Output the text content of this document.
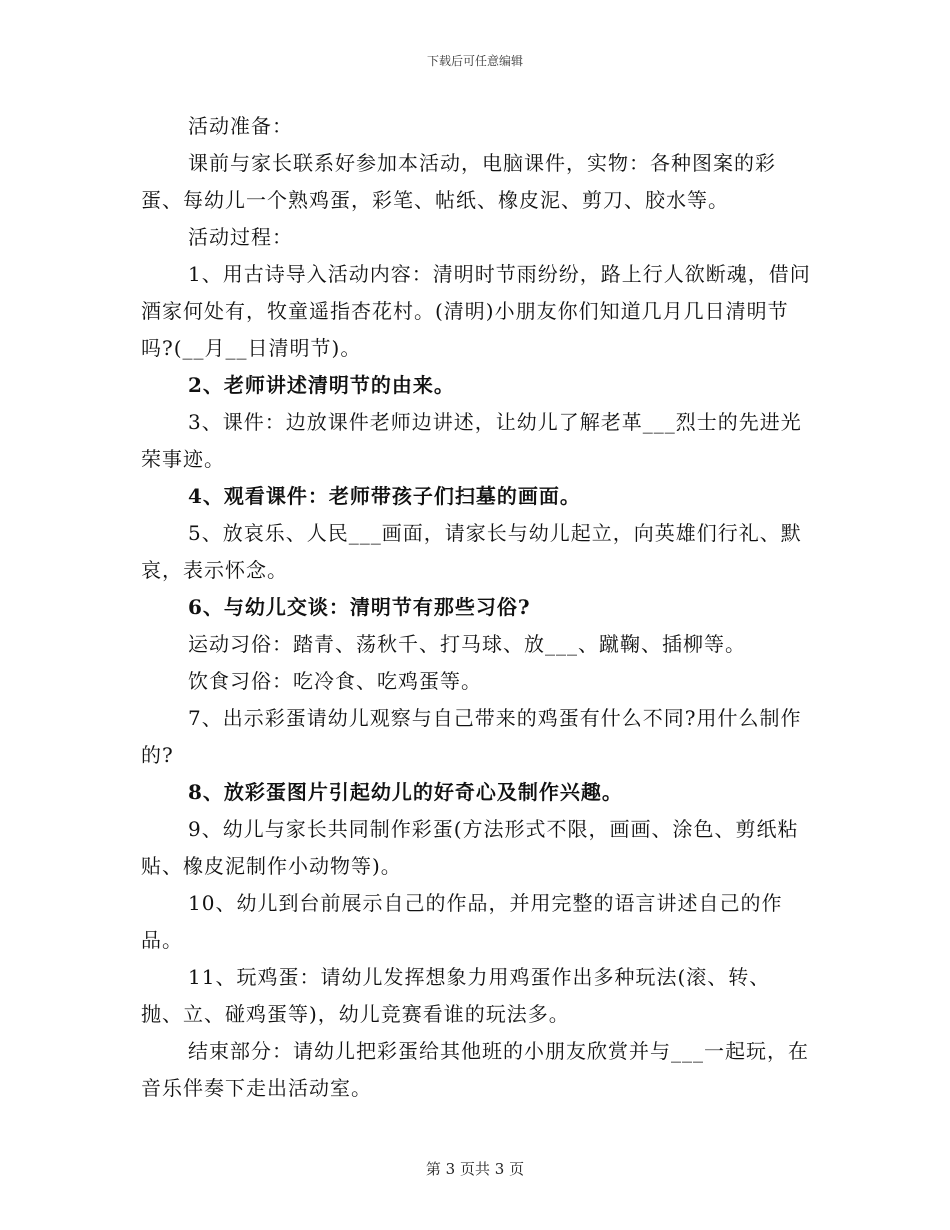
下载后可任意编辑

活动准备：

课前与家长联系好参加本活动，电脑课件，实物：各种图案的彩蛋、每幼儿一个熟鸡蛋，彩笔、帖纸、橡皮泥、剪刀、胶水等。

活动过程：

1、用古诗导入活动内容：清明时节雨纷纷，路上行人欲断魂，借问酒家何处有，牧童遥指杏花村。(清明)小朋友你们知道几月几日清明节吗?(__月__日清明节)。

2、老师讲述清明节的由来。

3、课件：边放课件老师边讲述，让幼儿了解老革___烈士的先进光荣事迹。

4、观看课件：老师带孩子们扫墓的画面。

5、放哀乐、人民___画面，请家长与幼儿起立，向英雄们行礼、默哀，表示怀念。

6、与幼儿交谈：清明节有那些习俗?

运动习俗：踏青、荡秋千、打马球、放___、蹴鞠、插柳等。

饮食习俗：吃冷食、吃鸡蛋等。

7、出示彩蛋请幼儿观察与自己带来的鸡蛋有什么不同?用什么制作的?

8、放彩蛋图片引起幼儿的好奇心及制作兴趣。

9、幼儿与家长共同制作彩蛋(方法形式不限，画画、涂色、剪纸粘贴、橡皮泥制作小动物等)。

10、幼儿到台前展示自己的作品，并用完整的语言讲述自己的作品。

11、玩鸡蛋：请幼儿发挥想象力用鸡蛋作出多种玩法(滚、转、抛、立、碰鸡蛋等)，幼儿竞赛看谁的玩法多。

结束部分：请幼儿把彩蛋给其他班的小朋友欣赏并与___一起玩，在音乐伴奏下走出活动室。

第 3 页共 3 页
